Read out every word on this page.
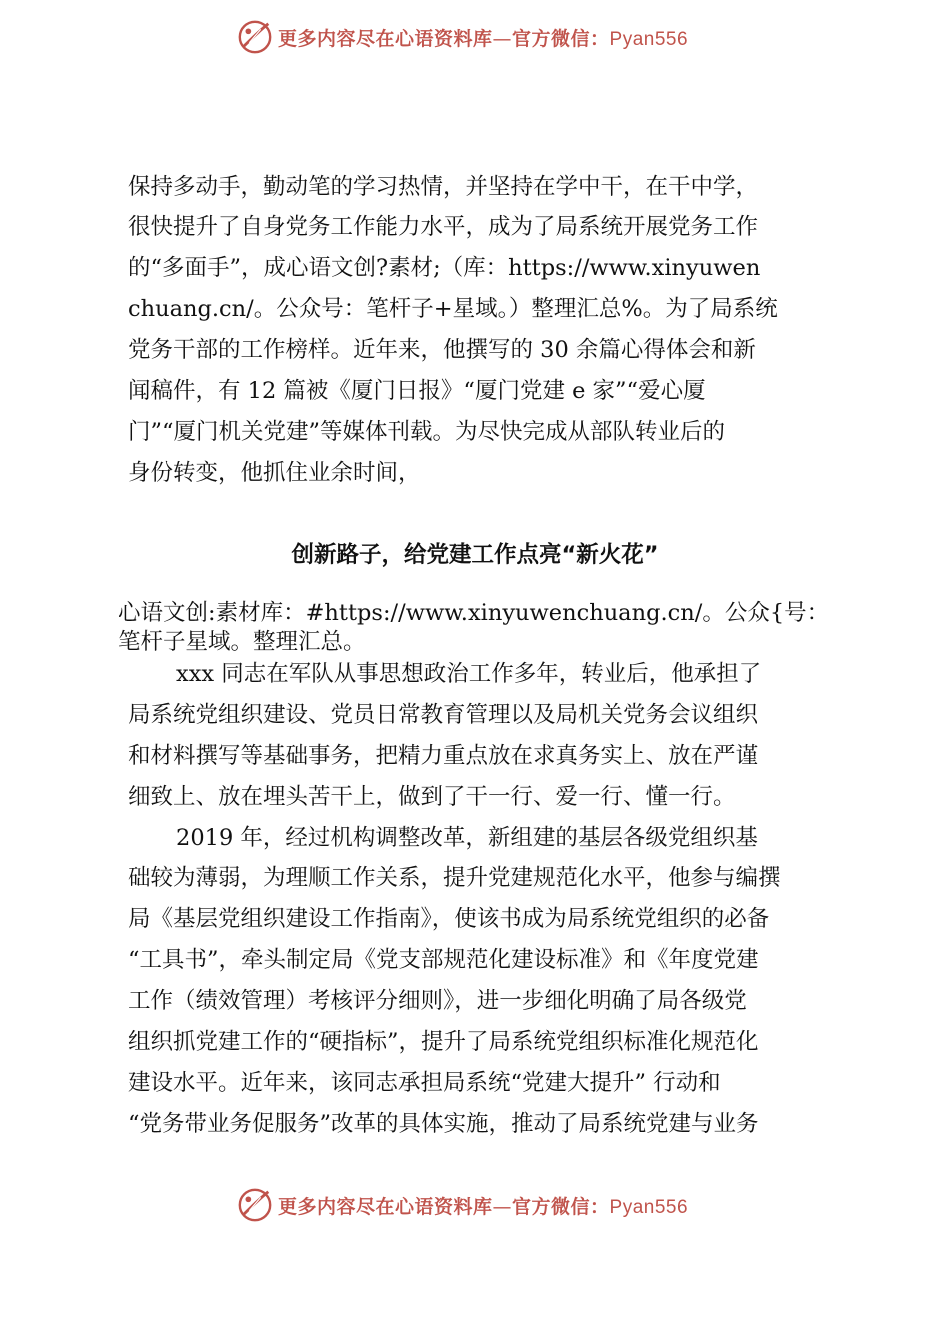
更多内容尽在心语资料库—官方微信：Pyan556
保持多动手，勤动笔的学习热情，并坚持在学中干，在干中学，
很快提升了自身党务工作能力水平，成为了局系统开展党务工作
的“多面手”，成心语文创?素材;（库：https://www.xinyuwen
chuang.cn/。公众号：笔杆子+星域。）整理汇总%。为了局系统
党务干部的工作榜样。近年来，他撰写的 30 余篇心得体会和新
闻稿件，有 12 篇被《厦门日报》“厦门党建 e 家”“爱心厦
门”“厦门机关党建”等媒体刊载。为尽快完成从部队转业后的
身份转变，他抓住业余时间，
创新路子，给党建工作点亮“新火花”
心语文创:素材库：#https://www.xinyuwenchuang.cn/。公众{号：
笔杆子星域。整理汇总。
xxx 同志在军队从事思想政治工作多年，转业后，他承担了
局系统党组织建设、党员日常教育管理以及局机关党务会议组织
和材料撰写等基础事务，把精力重点放在求真务实上、放在严谨
细致上、放在埋头苦干上，做到了干一行、爱一行、懂一行。
2019 年，经过机构调整改革，新组建的基层各级党组织基
础较为薄弱，为理顺工作关系，提升党建规范化水平，他参与编撰
局《基层党组织建设工作指南》，使该书成为局系统党组织的必备
“工具书”，牵头制定局《党支部规范化建设标准》和《年度党建
工作（绩效管理）考核评分细则》，进一步细化明确了局各级党
组织抓党建工作的“硬指标”，提升了局系统党组织标准化规范化
建设水平。近年来，该同志承担局系统“党建大提升” 行动和
“党务带业务促服务”改革的具体实施，推动了局系统党建与业务
更多内容尽在心语资料库—官方微信：Pyan556
